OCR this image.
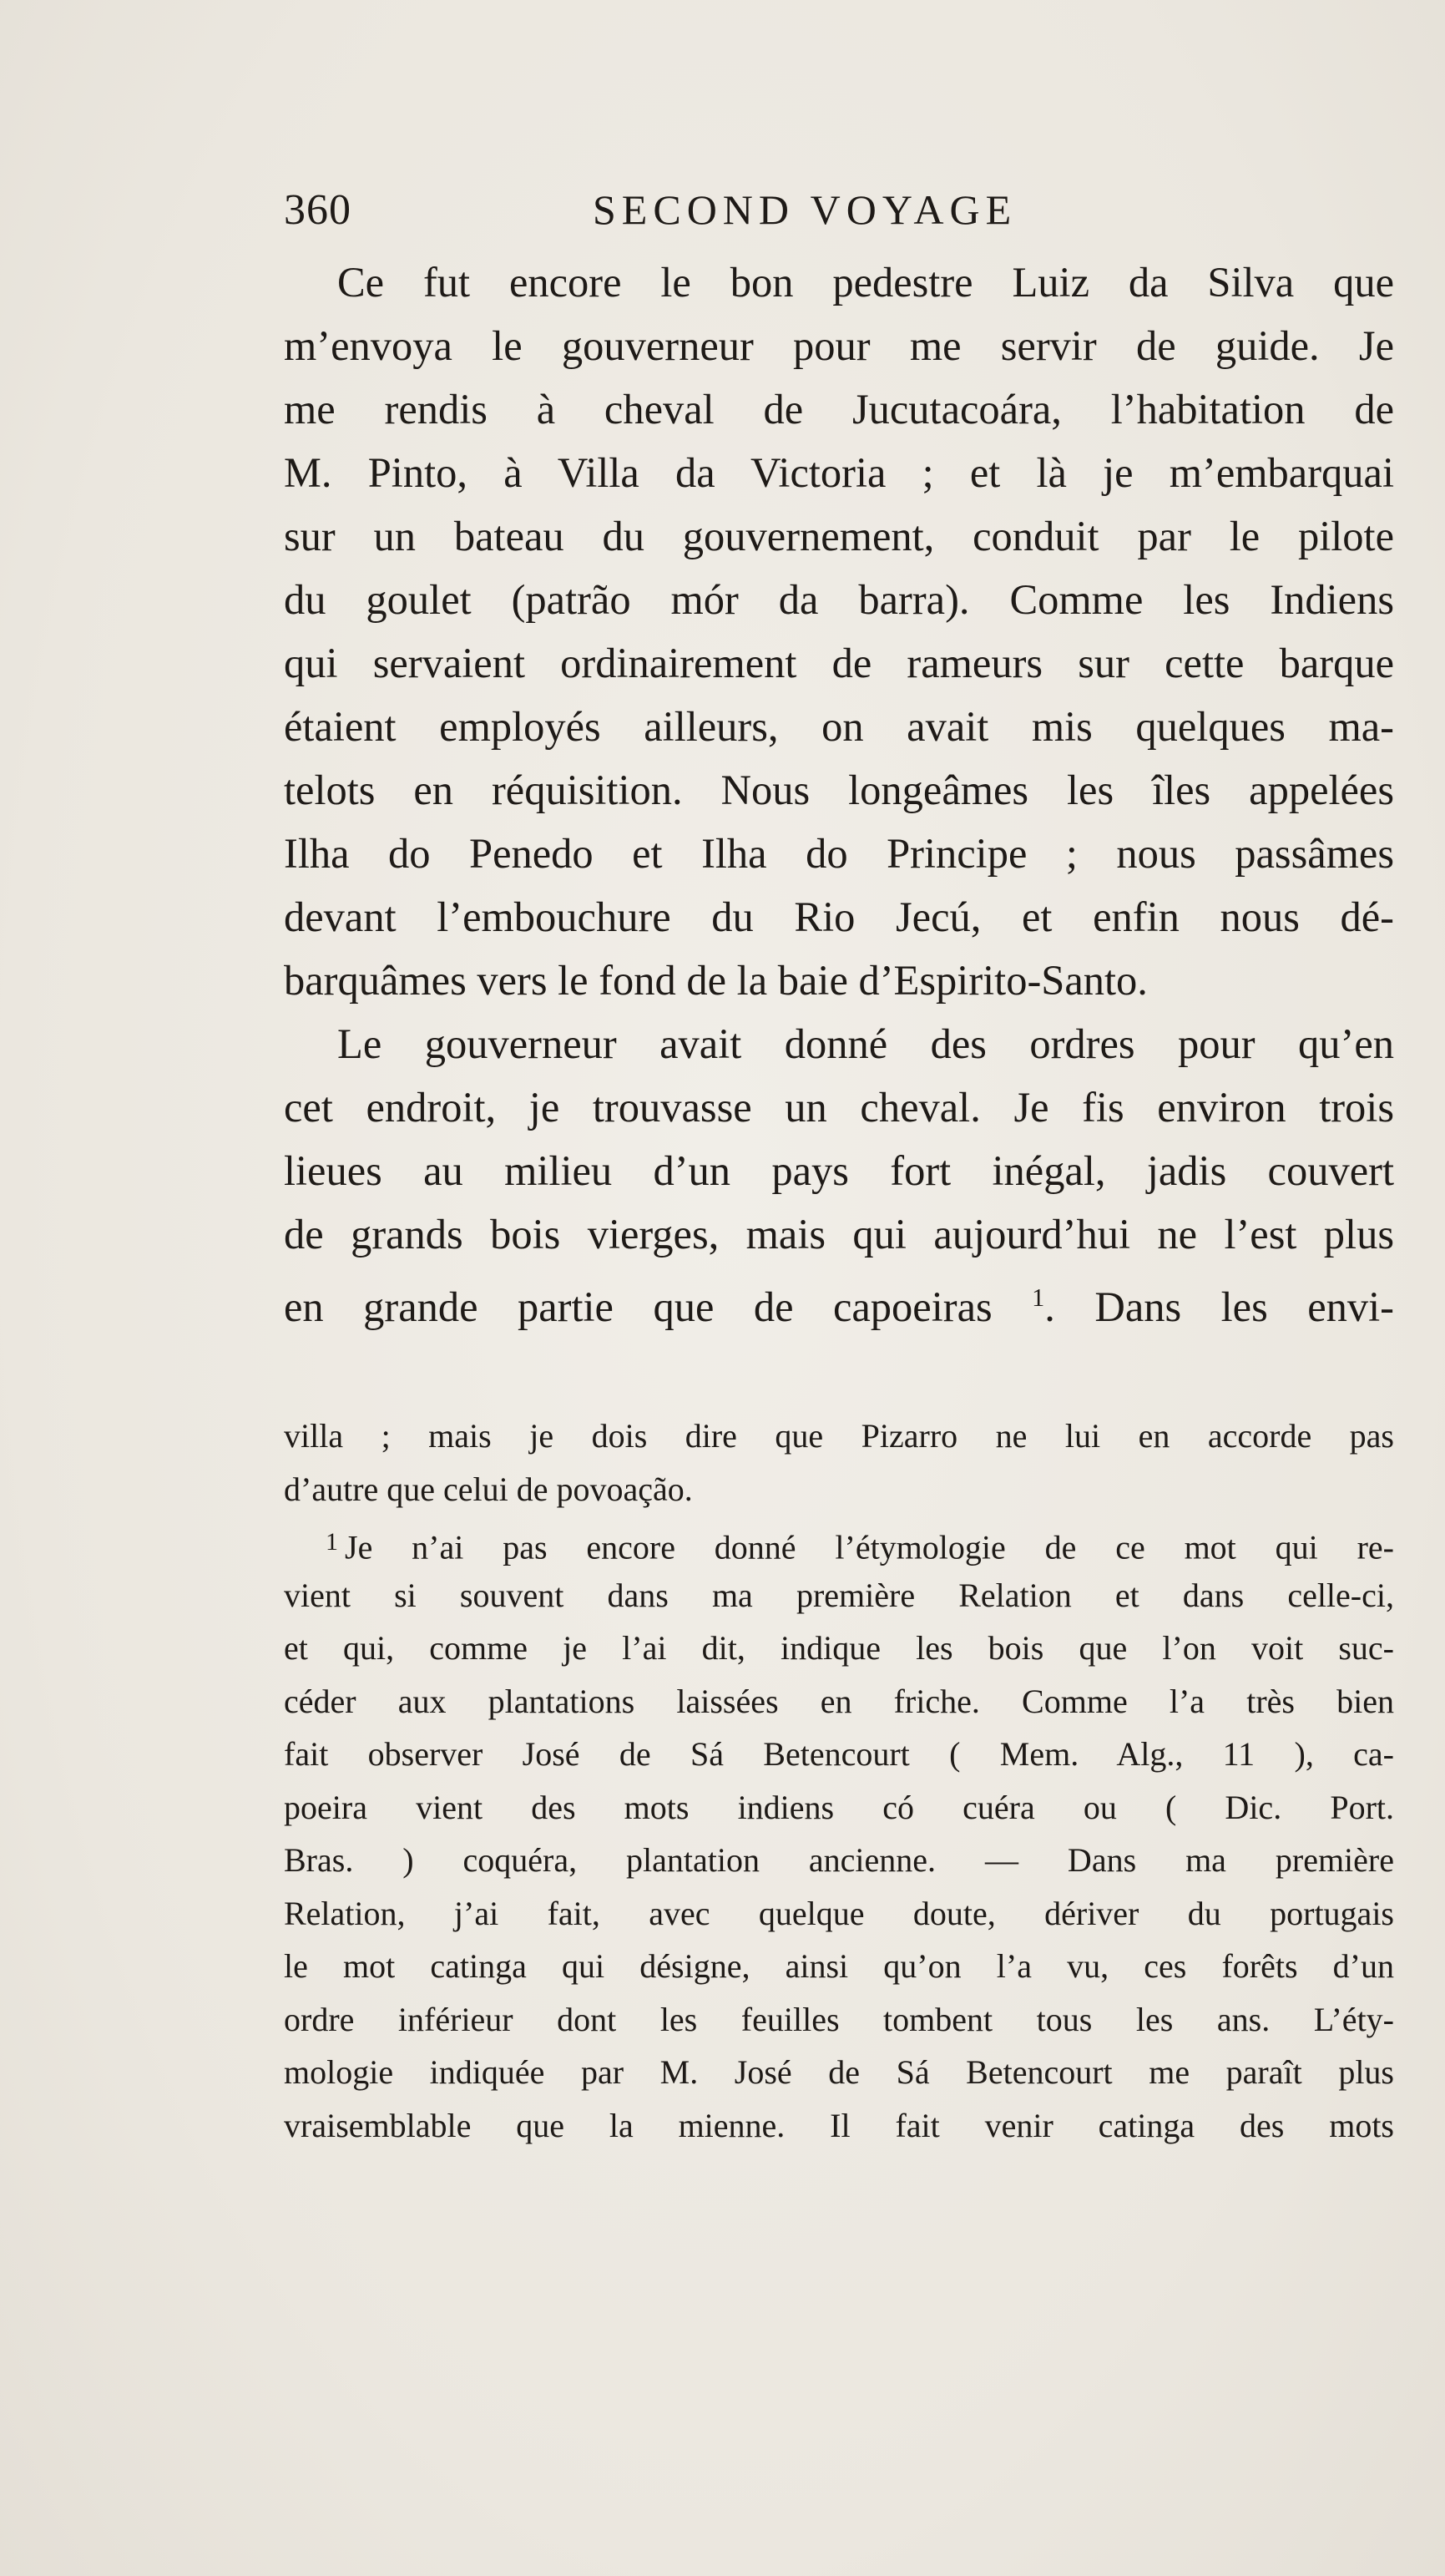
360	SECOND VOYAGE
Ce fut encore le bon pedestre Luiz da Silva que
m’envoya le gouverneur pour me servir de guide. Je
me rendis à cheval de Jucutacoára, l’habitation de
M. Pinto, à Villa da Victoria ; et là je m’embarquai
sur un bateau du gouvernement, conduit par le pilote
du goulet (patrão mór da barra). Comme les Indiens
qui servaient ordinairement de rameurs sur cette barque
étaient employés ailleurs, on avait mis quelques ma-
telots en réquisition. Nous longeâmes les îles appelées
Ilha do Penedo et Ilha do Principe ; nous passâmes
devant l’embouchure du Rio Jecú, et enfin nous dé-
barquâmes vers le fond de la baie d’Espirito-Santo.
Le gouverneur avait donné des ordres pour qu’en
cet endroit, je trouvasse un cheval. Je fis environ trois
lieues au milieu d’un pays fort inégal, jadis couvert
de grands bois vierges, mais qui aujourd’hui ne l’est plus
en grande partie que de capoeiras $^1$. Dans les envi-
villa ; mais je dois dire que Pizarro ne lui en accorde pas
d’autre que celui de povoação.
$^1$ Je n’ai pas encore donné l’étymologie de ce mot qui re-
vient si souvent dans ma première Relation et dans celle-ci,
et qui, comme je l’ai dit, indique les bois que l’on voit suc-
céder aux plantations laissées en friche. Comme l’a très bien
fait observer José de Sá Betencourt ( Mem. Alg., 11 ), ca-
poeira vient des mots indiens có cuéra ou ( Dic. Port.
Bras. ) coquéra, plantation ancienne. — Dans ma première
Relation, j’ai fait, avec quelque doute, dériver du portugais
le mot catinga qui désigne, ainsi qu’on l’a vu, ces forêts d’un
ordre inférieur dont les feuilles tombent tous les ans. L’éty-
mologie indiquée par M. José de Sá Betencourt me paraît plus
vraisemblable que la mienne. Il fait venir catinga des mots
